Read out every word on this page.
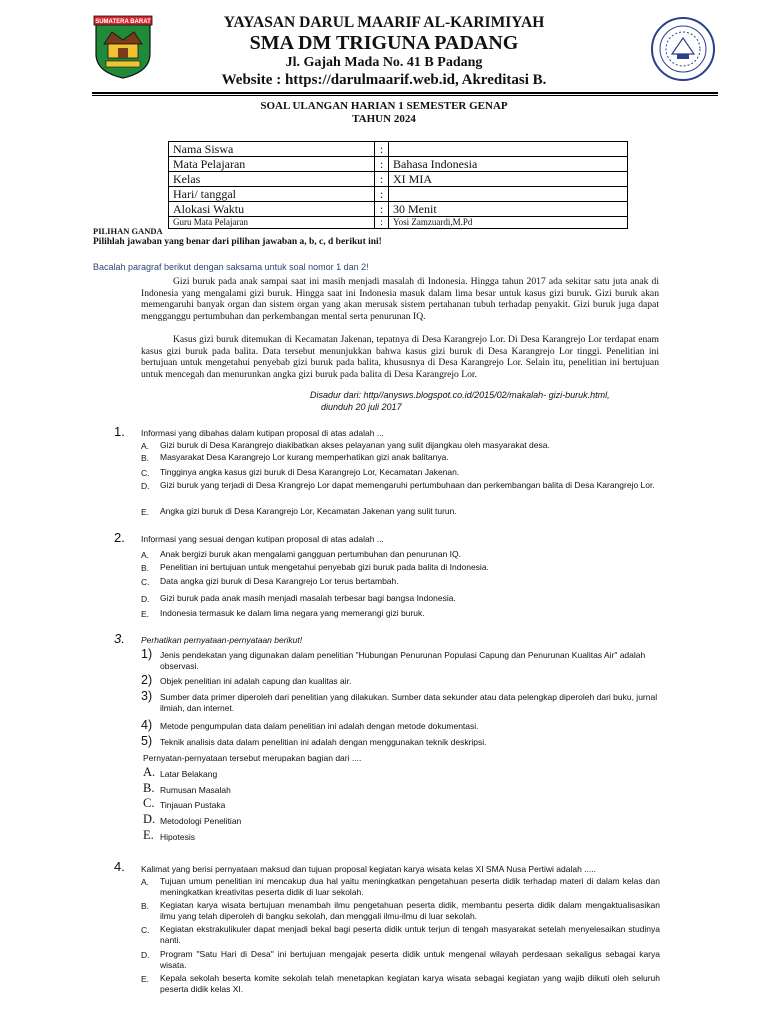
SUMATERA BARAT	YAYASAN DARUL MAARIF AL-KARIMIYAH
SMA DM TRIGUNA PADANG
Jl. Gajah Mada No. 41 B Padang
Website : https://darulmaarif.web.id, Akreditasi B.
SOAL ULANGAN HARIAN 1 SEMESTER GENAP
TAHUN 2024
Nama Siswa	:	
Mata Pelajaran	:	Bahasa Indonesia
Kelas	:	XI MIA
Hari/ tanggal	:	
Alokasi Waktu	:	30 Menit
Guru Mata Pelajaran	:	Yosi Zamzuardi,M.Pd
PILIHAN GANDA
Pilihlah jawaban yang benar dari pilihan jawaban a, b, c, d berikut ini!
Bacalah paragraf berikut dengan saksama untuk soal nomor 1 dan 2!
Gizi buruk pada anak sampai saat ini masih menjadi masalah di Indonesia. Hingga tahun 2017 ada sekitar satu juta anak di Indonesia yang mengalami gizi buruk. Hingga saat ini Indonesia masuk dalam lima besar untuk kasus gizi buruk. Gizi buruk akan memengaruhi banyak organ dan sistem organ yang akan merusak sistem pertahanan tubuh terhadap penyakit. Gizi buruk juga dapat mengganggu pertumbuhan dan perkembangan mental serta penurunan IQ.
Kasus gizi buruk ditemukan di Kecamatan Jakenan, tepatnya di Desa Karangrejo Lor. Di Desa Karangrejo Lor terdapat enam kasus gizi buruk pada balita. Data tersebut menunjukkan bahwa kasus gizi buruk di Desa Karangrejo Lor tinggi. Penelitian ini bertujuan untuk mengetahui penyebab gizi buruk pada balita, khususnya di Desa Karangrejo Lor. Selain itu, penelitian ini bertujuan untuk mencegah dan menurunkan angka gizi buruk pada balita di Desa Karangrejo Lor.
Disadur dari: http//anysws.blogspot.co.id/2015/02/makalah- gizi-buruk.html,
diunduh 20 juli 2017
1. Informasi yang dibahas dalam kutipan proposal di atas adalah ...
A. Gizi buruk di Desa Karangrejo diakibatkan akses pelayanan yang sulit dijangkau oleh masyarakat desa.
B. Masyarakat Desa Karangrejo Lor kurang memperhatikan gizi anak balitanya.
C. Tingginya angka kasus gizi buruk di Desa Karangrejo Lor, Kecamatan Jakenan.
D. Gizi buruk yang terjadi di Desa Krangrejo Lor dapat memengaruhi pertumbuhaan dan perkembangan balita di Desa Karangrejo Lor.
E. Angka gizi buruk di Desa Karangrejo Lor, Kecamatan Jakenan yang sulit turun.
2. Informasi yang sesuai dengan kutipan proposal di atas adalah ...
A. Anak bergizi buruk akan mengalami gangguan pertumbuhan dan penurunan IQ.
B. Penelitian ini bertujuan untuk mengetahui penyebab gizi buruk pada balita di Indonesia.
C. Data angka gizi buruk di Desa Karangrejo Lor terus bertambah.
D. Gizi buruk pada anak masih menjadi masalah terbesar bagi bangsa Indonesia.
E. Indonesia termasuk ke dalam lima negara yang memerangi gizi buruk.
3. Perhatikan pernyataan-pernyataan berikut!
1) Jenis pendekatan yang digunakan dalam penelitian "Hubungan Penurunan Populasi Capung dan Penurunan Kualitas Air" adalah observasi.
2) Objek penelitian ini adalah capung dan kualitas air.
3) Sumber data primer diperoleh dari penelitian yang dilakukan. Sumber data sekunder atau data pelengkap diperoleh dari buku, jurnal ilmiah, dan internet.
4) Metode pengumpulan data dalam penelitian ini adalah dengan metode dokumentasi.
5) Teknik analisis data dalam penelitian ini adalah dengan menggunakan teknik deskripsi.
Pernyatan-pernyataan tersebut merupakan bagian dari ....
A. Latar Belakang
B. Rumusan Masalah
C. Tinjauan Pustaka
D. Metodologi Penelitian
E. Hipotesis
4. Kalimat yang berisi pernyataan maksud dan tujuan proposal kegiatan karya wisata kelas XI SMA Nusa Pertiwi adalah .....
A. Tujuan umum penelitian ini mencakup dua hal yaitu meningkatkan pengetahuan peserta didik terhadap materi di dalam kelas dan meningkatkan kreativitas peserta didik di luar sekolah.
B. Kegiatan karya wisata bertujuan menambah ilmu pengetahuan peserta didik, membantu peserta didik dalam mengaktualisasikan ilmu yang telah diperoleh di bangku sekolah, dan menggali ilmu-ilmu di luar sekolah.
C. Kegiatan ekstrakulikuler dapat menjadi bekal bagi peserta didik untuk terjun di tengah masyarakat setelah menyelesaikan studinya nanti.
D. Program "Satu Hari di Desa" ini bertujuan mengajak peserta didik untuk mengenal wilayah perdesaan sekaligus sebagai karya wisata.
E. Kepala sekolah beserta komite sekolah telah menetapkan kegiatan karya wisata sebagai kegiatan yang wajib diikuti oleh seluruh peserta didik kelas XI.
